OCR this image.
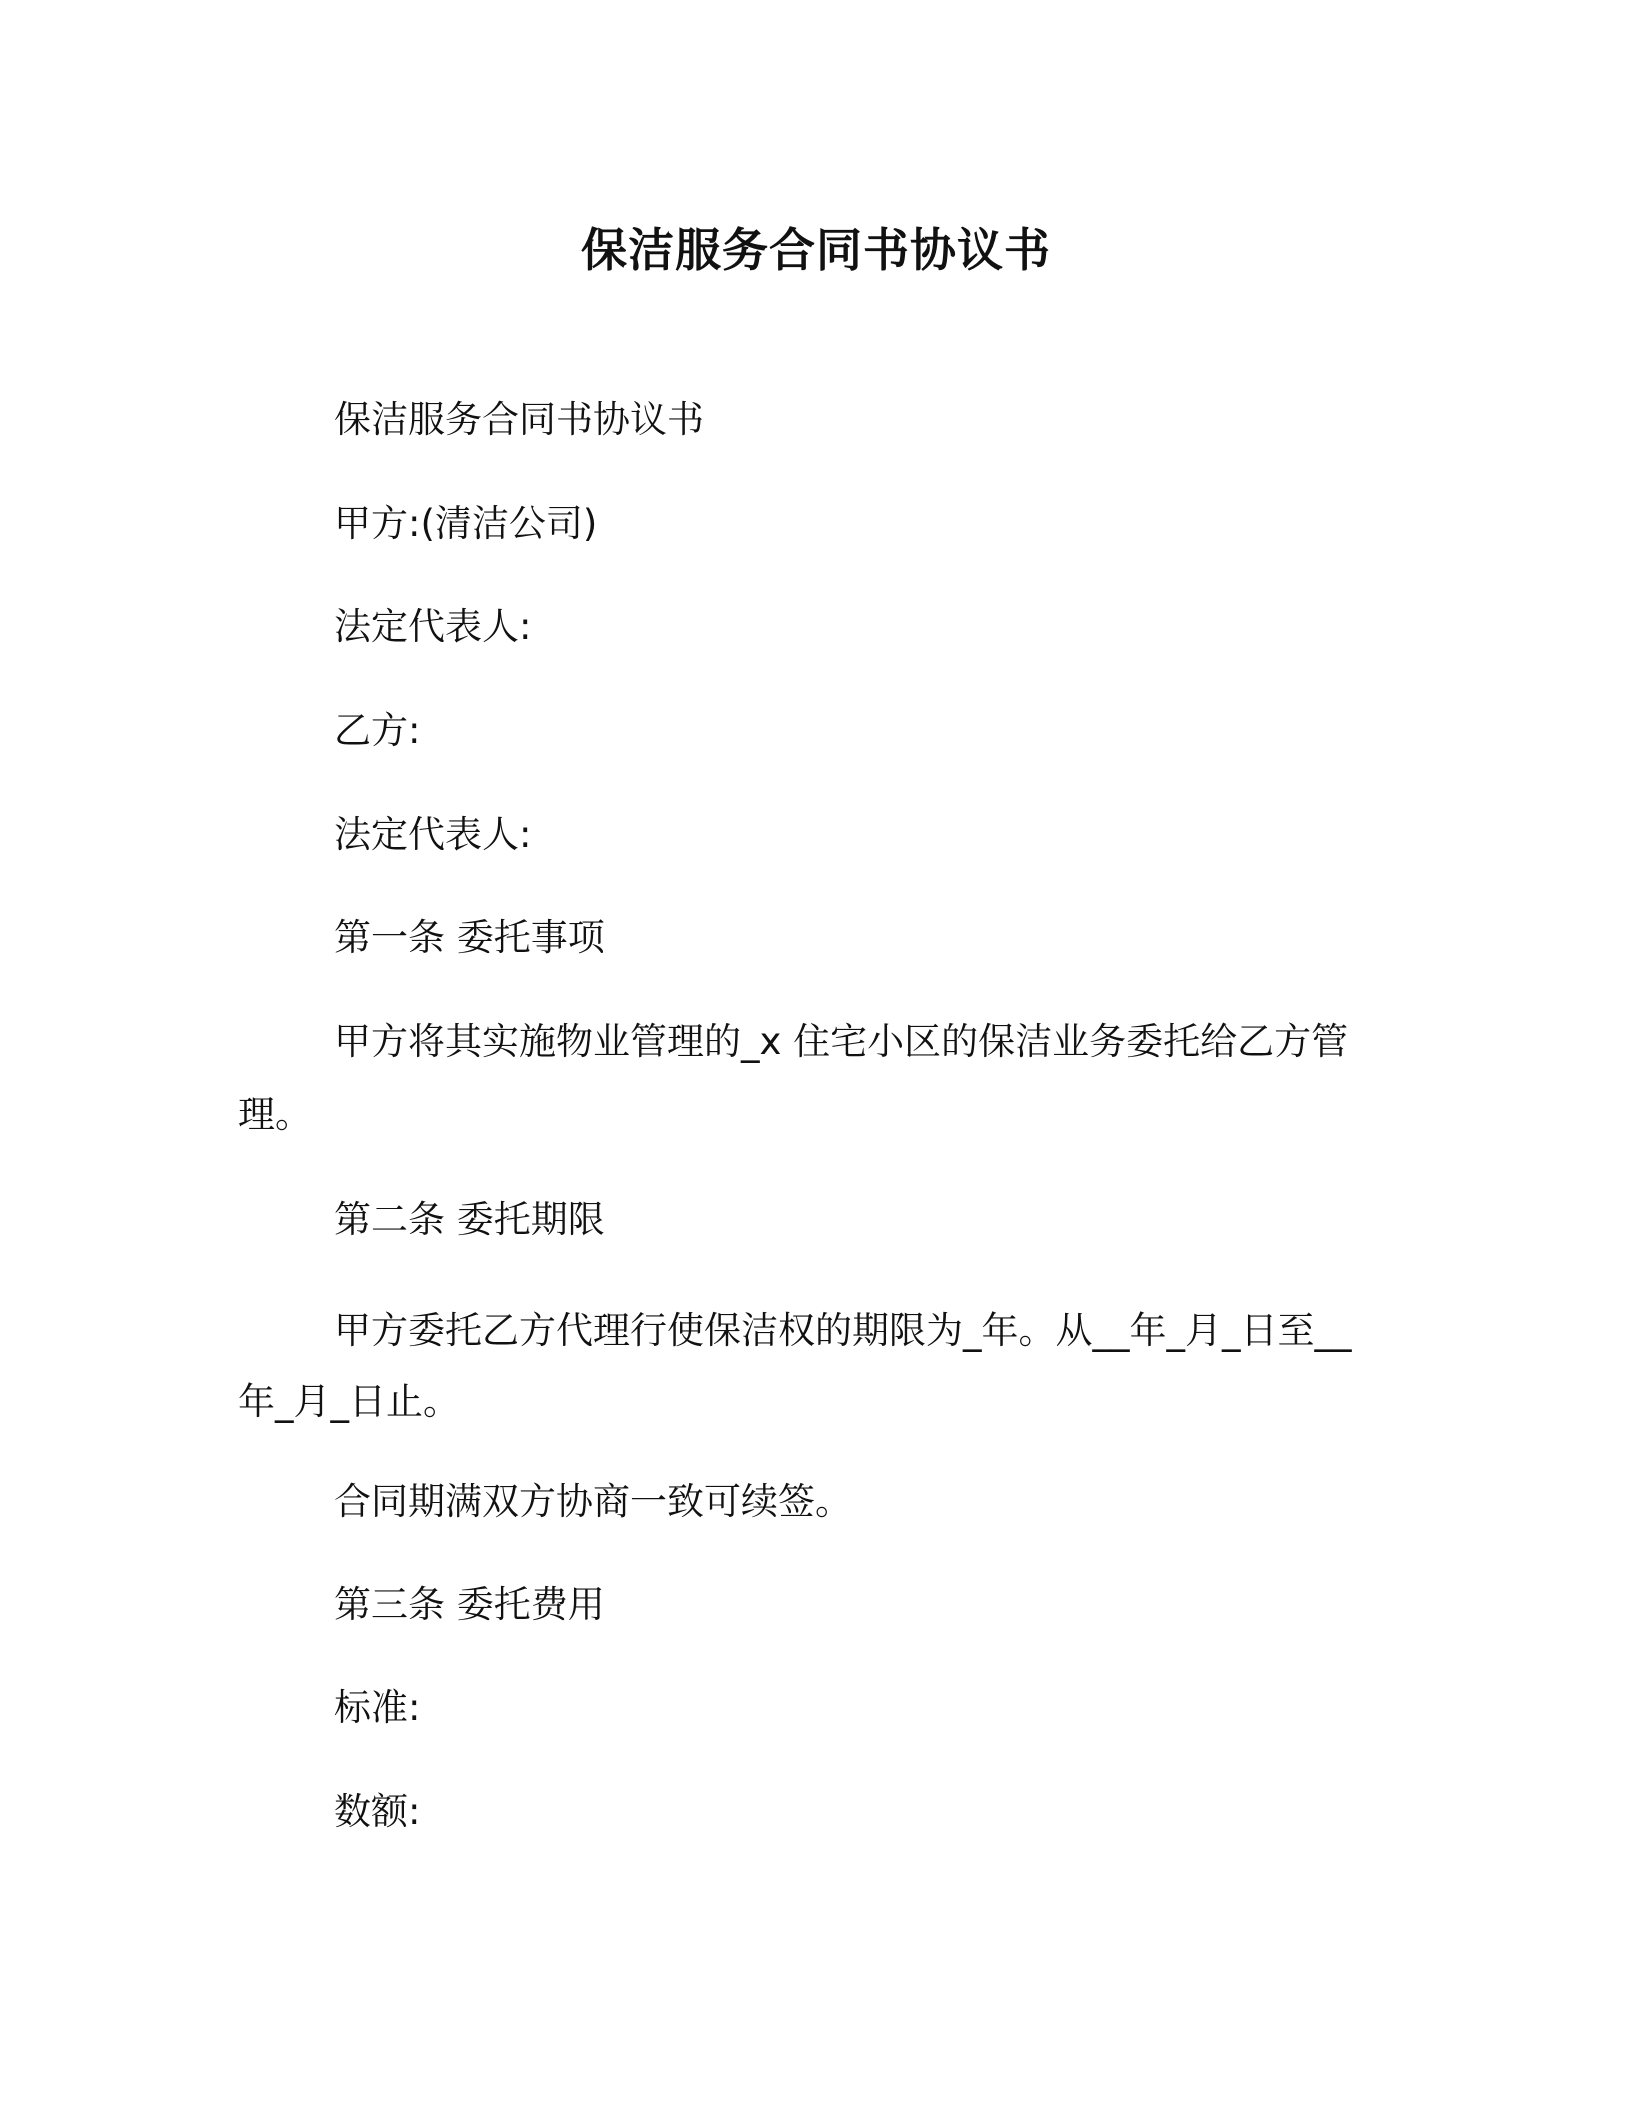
保洁服务合同书协议书
保洁服务合同书协议书
甲方:(清洁公司)
法定代表人:
乙方:
法定代表人:
第一条 委托事项
甲方将其实施物业管理的_x 住宅小区的保洁业务委托给乙方管
理。
第二条 委托期限
甲方委托乙方代理行使保洁权的期限为_年。从__年_月_日至__
年_月_日止。
合同期满双方协商一致可续签。
第三条 委托费用
标准:
数额:
